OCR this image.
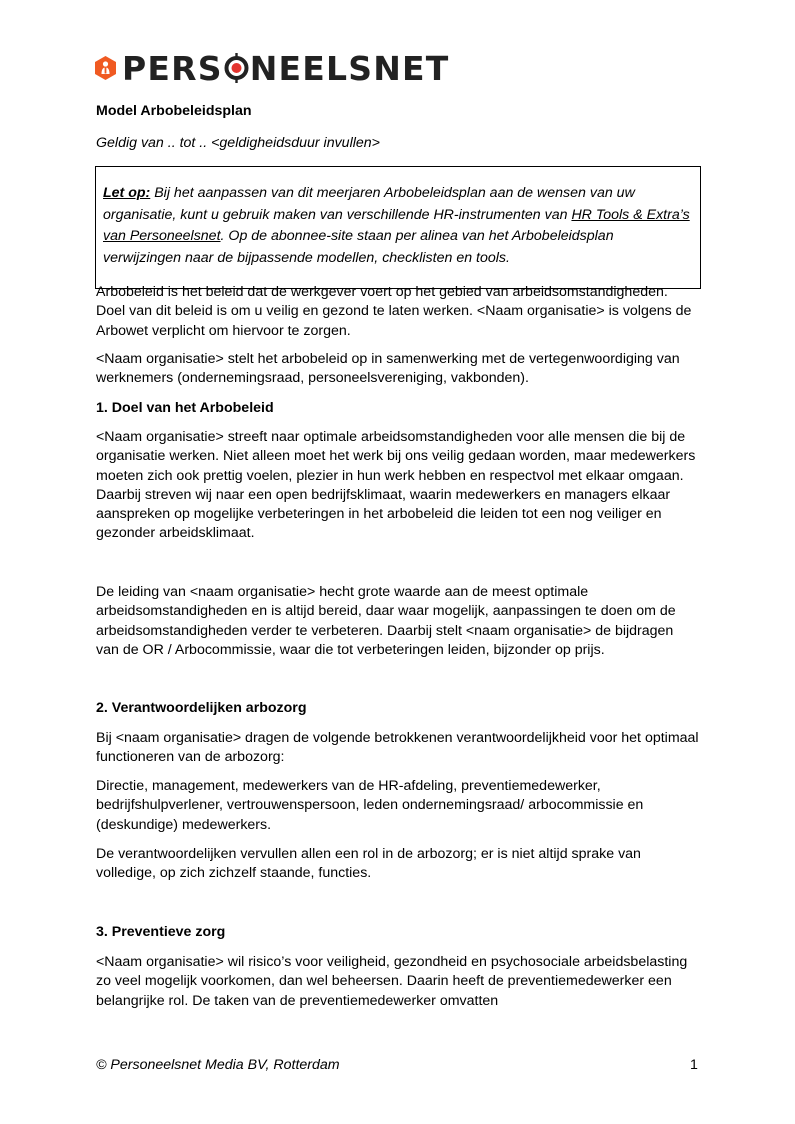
P ERS NEELSNET
Model Arbobeleidsplan
Geldig van .. tot .. <geldigheidsduur invullen>
Let op: Bij het aanpassen van dit meerjaren Arbobeleidsplan aan de wensen van uw organisatie, kunt u gebruik maken van verschillende HR-instrumenten van HR Tools & Extra’s van Personeelsnet. Op de abonnee-site staan per alinea van het Arbobeleidsplan verwijzingen naar de bijpassende modellen, checklisten en tools.

Arbobeleid is het beleid dat de werkgever voert op het gebied van arbeidsomstandigheden. Doel van dit beleid is om u veilig en gezond te laten werken. <Naam organisatie> is volgens de Arbowet verplicht om hiervoor te zorgen.

<Naam organisatie> stelt het arbobeleid op in samenwerking met de vertegenwoordiging van werknemers (ondernemingsraad, personeelsvereniging, vakbonden).

1. Doel van het Arbobeleid

<Naam organisatie> streeft naar optimale arbeidsomstandigheden voor alle mensen die bij de organisatie werken. Niet alleen moet het werk bij ons veilig gedaan worden, maar medewerkers moeten zich ook prettig voelen, plezier in hun werk hebben en respectvol met elkaar omgaan. Daarbij streven wij naar een open bedrijfsklimaat, waarin medewerkers en managers elkaar aanspreken op mogelijke verbeteringen in het arbobeleid die leiden tot een nog veiliger en gezonder arbeidsklimaat.

De leiding van <naam organisatie> hecht grote waarde aan de meest optimale arbeidsomstandigheden en is altijd bereid, daar waar mogelijk, aanpassingen te doen om de arbeidsomstandigheden verder te verbeteren. Daarbij stelt <naam organisatie> de bijdragen van de OR / Arbocommissie, waar die tot verbeteringen leiden, bijzonder op prijs.

2. Verantwoordelijken arbozorg

Bij <naam organisatie> dragen de volgende betrokkenen verantwoordelijkheid voor het optimaal functioneren van de arbozorg:

Directie, management, medewerkers van de HR-afdeling, preventiemedewerker, bedrijfshulpverlener, vertrouwenspersoon, leden ondernemingsraad/ arbocommissie en (deskundige) medewerkers.

De verantwoordelijken vervullen allen een rol in de arbozorg; er is niet altijd sprake van volledige, op zich zichzelf staande, functies.

3. Preventieve zorg

<Naam organisatie> wil risico’s voor veiligheid, gezondheid en psychosociale arbeidsbelasting zo veel mogelijk voorkomen, dan wel beheersen. Daarin heeft de preventiemedewerker een belangrijke rol. De taken van de preventiemedewerker omvatten

© Personeelsnet Media BV, Rotterdam	1
